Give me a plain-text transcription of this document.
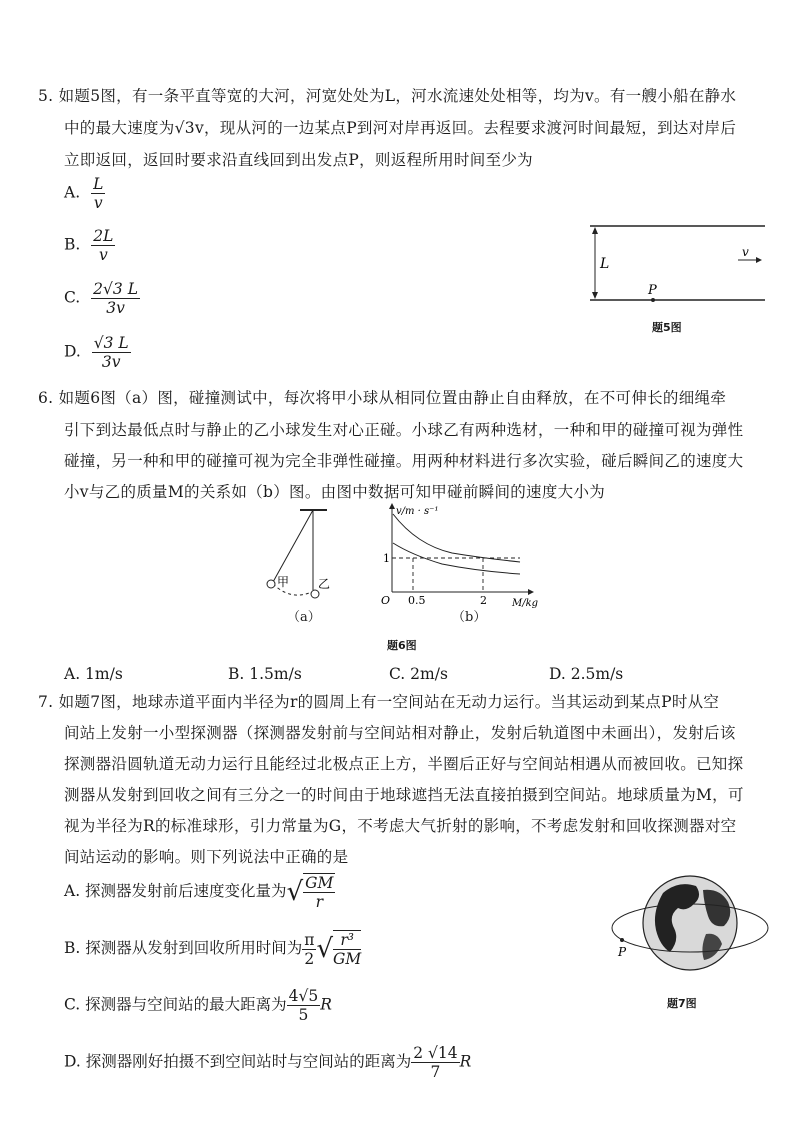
5. 如题5图，有一条平直等宽的大河，河宽处处为L，河水流速处处相等，均为v。有一艘小船在静水
中的最大速度为√3v，现从河的一边某点P到河对岸再返回。去程要求渡河时间最短，到达对岸后
立即返回，返回时要求沿直线回到出发点P，则返程所用时间至少为
A. $\frac{L}{v}$
B. $\frac{2L}{v}$
C. $\frac{2√3 L}{3v}$
D. $\frac{√3 L}{3v}$
L
v
P
题5图
6. 如题6图（a）图，碰撞测试中，每次将甲小球从相同位置由静止自由释放，在不可伸长的细绳牵
引下到达最低点时与静止的乙小球发生对心正碰。小球乙有两种选材，一种和甲的碰撞可视为弹性
碰撞，另一种和甲的碰撞可视为完全非弹性碰撞。用两种材料进行多次实验，碰后瞬间乙的速度大
小v与乙的质量M的关系如（b）图。由图中数据可知甲碰前瞬间的速度大小为
甲 乙
（a）
v/m · s⁻¹
M/kg
O 0.5	2
1
（b）
题6图
A. 1m/s	B. 1.5m/s	C. 2m/s	D. 2.5m/s
7. 如题7图，地球赤道平面内半径为r的圆周上有一空间站在无动力运行。当其运动到某点P时从空
间站上发射一小型探测器（探测器发射前与空间站相对静止，发射后轨道图中未画出），发射后该
探测器沿圆轨道无动力运行且能经过北极点正上方，半圈后正好与空间站相遇从而被回收。已知探
测器从发射到回收之间有三分之一的时间由于地球遮挡无法直接拍摄到空间站。地球质量为M，可
视为半径为R的标准球形，引力常量为G，不考虑大气折射的影响，不考虑发射和回收探测器对空
间站运动的影响。则下列说法中正确的是
A. 探测器发射前后速度变化量为√ $\frac{GM}{r}$
B. 探测器从发射到回收所用时间为 $\frac{\pi}{2}$ √ $\frac{\text{r³}}{GM}$
C. 探测器与空间站的最大距离为 $\frac{4√5}{5}$ R
D. 探测器刚好拍摄不到空间站时与空间站的距离为 $\frac{2 √14}{7}$ R
P
题7图
